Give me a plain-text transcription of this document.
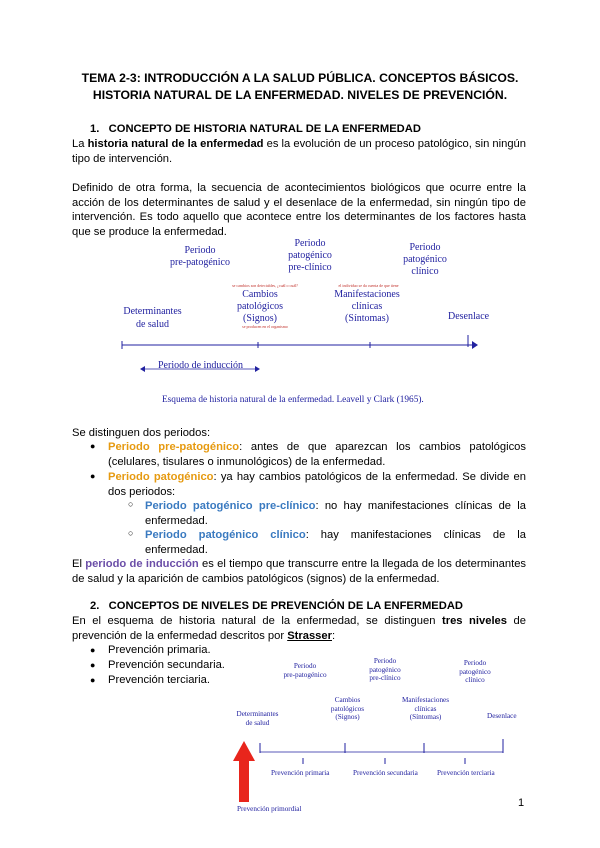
TEMA 2-3: INTRODUCCIÓN A LA SALUD PÚBLICA. CONCEPTOS BÁSICOS.
HISTORIA NATURAL DE LA ENFERMEDAD. NIVELES DE PREVENCIÓN.
1. CONCEPTO DE HISTORIA NATURAL DE LA ENFERMEDAD
La historia natural de la enfermedad es la evolución de un proceso patológico, sin ningún tipo de intervención.
Definido de otra forma, la secuencia de acontecimientos biológicos que ocurre entre la acción de los determinantes de salud y el desenlace de la enfermedad, sin ningún tipo de intervención. Es todo aquello que acontece entre los determinantes de los factores hasta que se produce la enfermedad.
Periodo
pre-patogénico
Periodo
patogénico
pre-clínico
Periodo
patogénico
clínico
se cambios son detectables, ¿cuál o cuál?	el individuo se da cuenta de que tiene
Determinantes
de salud
Cambios
patológicos
(Signos)
se producen en el organismo
Manifestaciones
clínicas
(Síntomas)	Desenlace
Periodo de inducción
Esquema de historia natural de la enfermedad. Leavell y Clark (1965).
Se distinguen dos periodos:
● Periodo pre-patogénico: antes de que aparezcan los cambios patológicos (celulares, tisulares o inmunológicos) de la enfermedad.
● Periodo patogénico: ya hay cambios patológicos de la enfermedad. Se divide en dos periodos:
○ Periodo patogénico pre-clínico: no hay manifestaciones clínicas de la enfermedad.
○ Periodo patogénico clínico: hay manifestaciones clínicas de la enfermedad.
El periodo de inducción es el tiempo que transcurre entre la llegada de los determinantes de salud y la aparición de cambios patológicos (signos) de la enfermedad.
2. CONCEPTOS DE NIVELES DE PREVENCIÓN DE LA ENFERMEDAD
En el esquema de historia natural de la enfermedad, se distinguen tres niveles de prevención de la enfermedad descritos por Strasser:
● Prevención primaria.
● Prevención secundaria.
● Prevención terciaria.
Periodo
pre-patogénico
Periodo
patogénico
pre-clínico
Periodo
patogénico
clínico
Determinantes
de salud
Cambios
patológicos
(Signos)
Manifestaciones
clínicas
(Síntomas)	Desenlace
Prevención primaria	Prevención secundaria	Prevención terciaria
Prevención primordial	1
